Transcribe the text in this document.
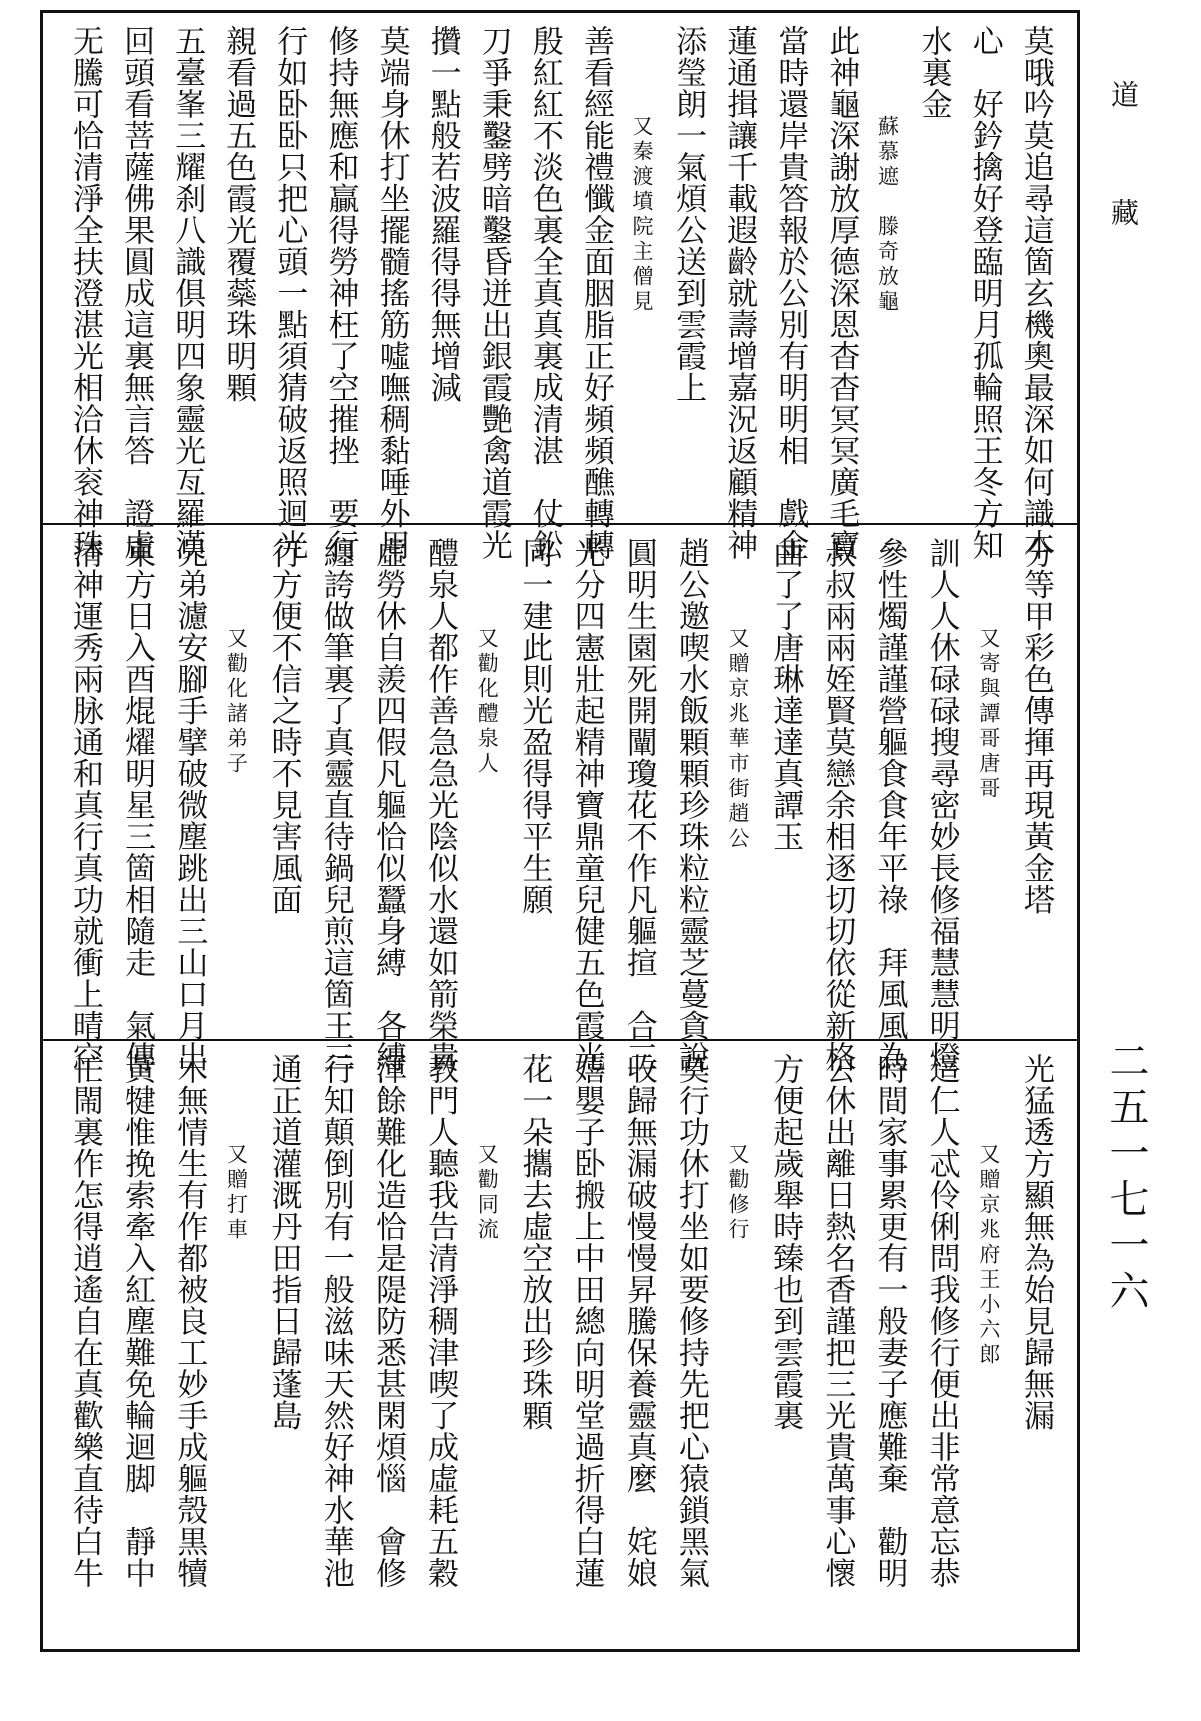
道藏
二五一七一六
莫哦吟莫追尋這箇玄機奧最深如何識本
心　好鈐擒好登臨明月孤輪照王冬方知
水裏金
蘇慕遮　滕奇放龜
此神龜深謝放厚德深恩杳杳冥冥廣毛寶
當時還岸貴答報於公別有明明相　戲金
蓮通揖讓千載遐齡就壽增嘉況返顧精神
添瑩朗一氣煩公送到雲霞上
又秦渡墳院主僧見
善看經能禮懺金面胭脂正好頻頻醮轉轉
殷紅紅不淡色裏全真真裏成清湛　仗鈆
刀爭秉鑿劈暗鑿昏迸出銀霞艷禽道霞光
攢一點般若波羅得得無增減
莫端身休打坐擺髓搖筋噓嘸稠黏唾外用
修持無應和贏得勞神枉了空摧挫　要行
行如卧卧只把心頭一點須猜破返照迴光
親看過五色霞光覆蘂珠明顆
五臺峯三耀刹八識俱明四象靈光亙羅漢
回頭看菩薩佛果圓成這裏無言答　證虛
无騰可恰清淨全扶澄湛光相洽休衮神珠
分等甲彩色傳揮再現黃金塔
又寄與譚哥唐哥
訓人人休碌碌搜尋密妙長修福慧慧明燈
參性燭謹謹營軀食食年平祿　拜風風為
叔叔兩兩姪賢莫戀余相逐切切依從新格
曲了了唐琳達達真譚玉
又贈京兆華市街趙公
趙公邀喫水飯顆顆珍珠粒粒靈芝蔓貪說
圓明生園死開闡瓊花不作凡軀揎　合三
光分四憲壯起精神寶鼎童兒健五色霞光
同一建此則光盈得得平生願
又勸化醴泉人
醴泉人都作善急急光陰似水還如箭榮貴
虛勞休自羨四假凡軀恰似蠶身縛　各縛
纏誇做筆裏了真靈直待鍋兒煎這箇王三
行方便不信之時不見害風面
又勸化諸弟子
兄弟濾安腳手擘破微塵跳出三山口月出
東方日入酉焜燿明星三箇相隨走　氣傳
清神運秀兩脉通和真行真功就衝上晴空
光猛透方顯無為始見歸無漏
又贈京兆府王小六郎
這仁人忒伶俐問我修行便出非常意忘恭
時間家事累更有一般妻子應難棄　勸明
公休出離日熱名香謹把三光貴萬事心懷
方便起歲舉時臻也到雲霞裏
又勸修行
莫行功休打坐如要修持先把心猿鎖黑氣
收歸無漏破慢慢昇騰保養靈真麼　姹娘
嬉嬰子卧搬上中田總向明堂過折得白蓮
花一朵攜去虛空放出珍珠顆
又勸同流
教門人聽我告清淨稠津喫了成虛耗五穀
渾餘難化造恰是隄防悉甚閑煩惱　會修
行知顛倒別有一般滋味天然好神水華池
通正道灌溉丹田指日歸蓬島
又贈打車
木無情生有作都被良工妙手成軀殼黒犢
黃犍惟挽索牽入紅塵難免輪迴脚　靜中
忙閙裏作怎得逍遙自在真歡樂直待白牛
